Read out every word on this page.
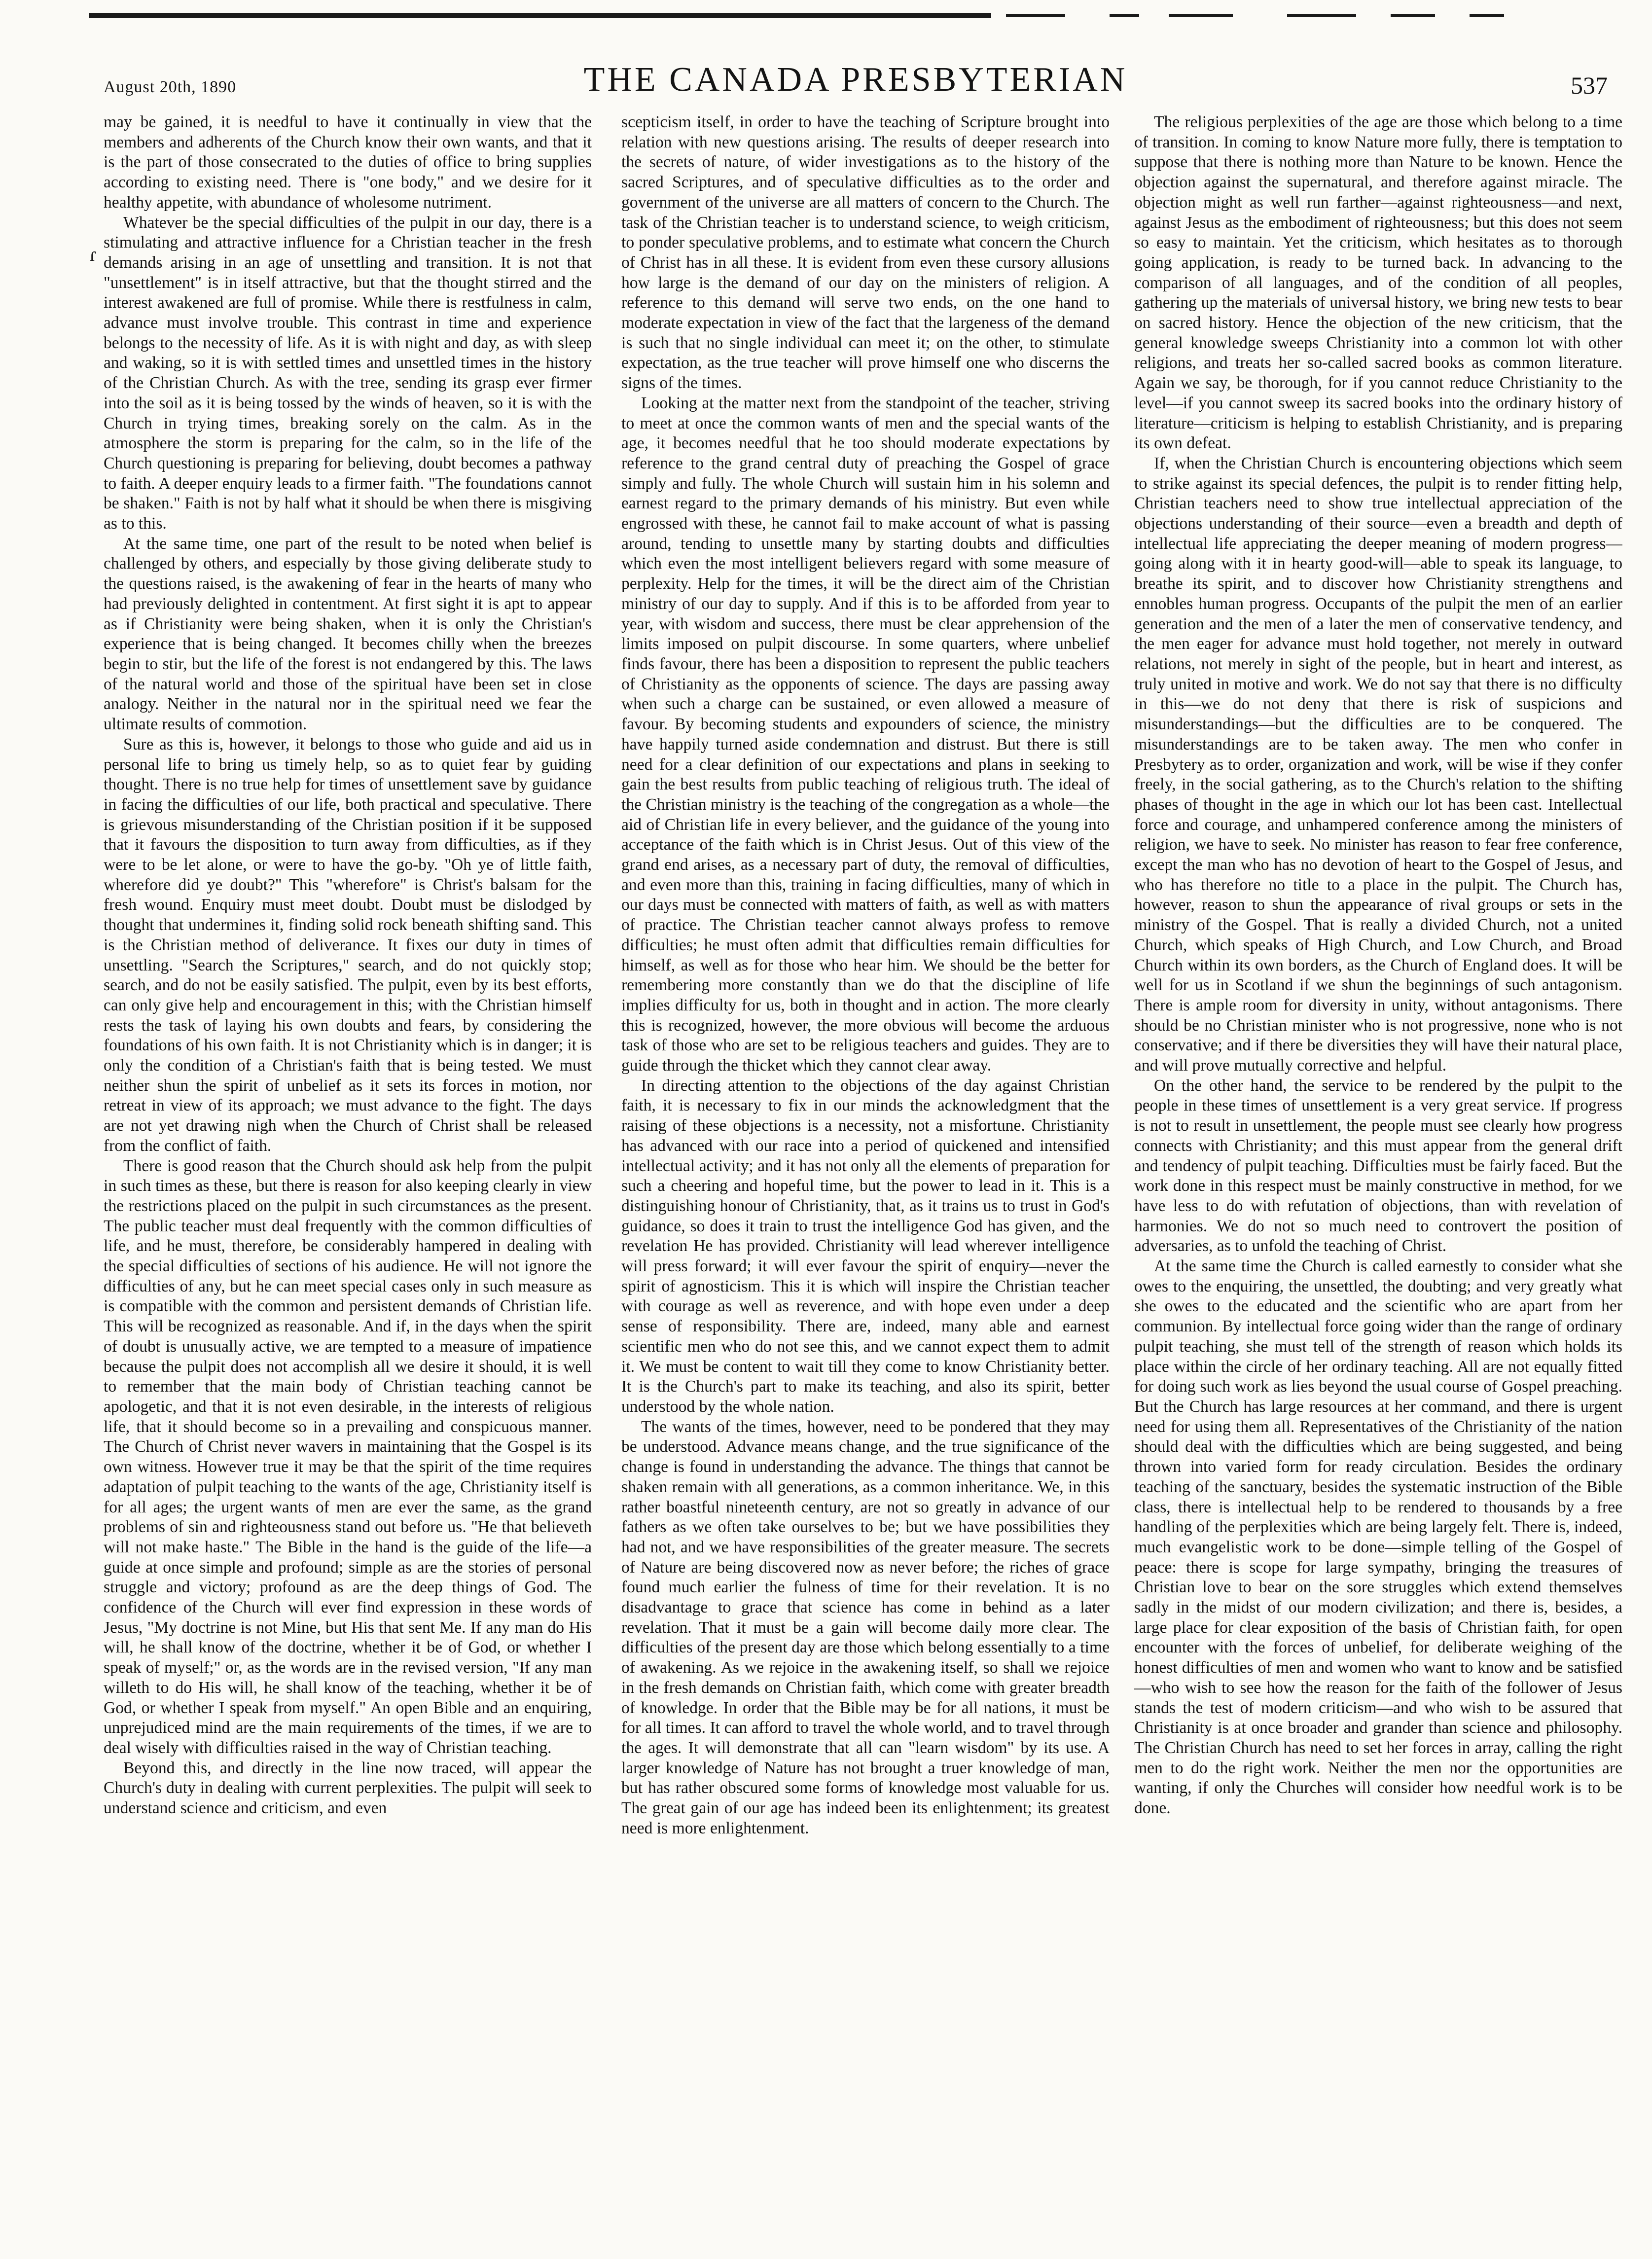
August 20th, 1890	THE CANADA PRESBYTERIAN	537
ɾ

may be gained, it is needful to have it continually in view that the members and adherents of the Church know their own wants, and that it is the part of those consecrated to the duties of office to bring supplies according to existing need. There is "one body," and we desire for it healthy appetite, with abundance of wholesome nutriment.

Whatever be the special difficulties of the pulpit in our day, there is a stimulating and attractive influence for a Christian teacher in the fresh demands arising in an age of unsettling and transition. It is not that "unsettlement" is in itself attractive, but that the thought stirred and the interest awakened are full of promise. While there is restfulness in calm, advance must involve trouble. This contrast in time and experience belongs to the necessity of life. As it is with night and day, as with sleep and waking, so it is with settled times and unsettled times in the history of the Christian Church. As with the tree, sending its grasp ever firmer into the soil as it is being tossed by the winds of heaven, so it is with the Church in trying times, breaking sorely on the calm. As in the atmosphere the storm is preparing for the calm, so in the life of the Church questioning is preparing for believing, doubt becomes a pathway to faith. A deeper enquiry leads to a firmer faith. "The foundations cannot be shaken." Faith is not by half what it should be when there is misgiving as to this.

At the same time, one part of the result to be noted when belief is challenged by others, and especially by those giving deliberate study to the questions raised, is the awakening of fear in the hearts of many who had previously delighted in contentment. At first sight it is apt to appear as if Christianity were being shaken, when it is only the Christian's experience that is being changed. It becomes chilly when the breezes begin to stir, but the life of the forest is not endangered by this. The laws of the natural world and those of the spiritual have been set in close analogy. Neither in the natural nor in the spiritual need we fear the ultimate results of commotion.

Sure as this is, however, it belongs to those who guide and aid us in personal life to bring us timely help, so as to quiet fear by guiding thought. There is no true help for times of unsettlement save by guidance in facing the difficulties of our life, both practical and speculative. There is grievous misunderstanding of the Christian position if it be supposed that it favours the disposition to turn away from difficulties, as if they were to be let alone, or were to have the go-by. "Oh ye of little faith, wherefore did ye doubt?" This "wherefore" is Christ's balsam for the fresh wound. Enquiry must meet doubt. Doubt must be dislodged by thought that undermines it, finding solid rock beneath shifting sand. This is the Christian method of deliverance. It fixes our duty in times of unsettling. "Search the Scriptures," search, and do not quickly stop; search, and do not be easily satisfied. The pulpit, even by its best efforts, can only give help and encouragement in this; with the Christian himself rests the task of laying his own doubts and fears, by considering the foundations of his own faith. It is not Christianity which is in danger; it is only the condition of a Christian's faith that is being tested. We must neither shun the spirit of unbelief as it sets its forces in motion, nor retreat in view of its approach; we must advance to the fight. The days are not yet drawing nigh when the Church of Christ shall be released from the conflict of faith.

There is good reason that the Church should ask help from the pulpit in such times as these, but there is reason for also keeping clearly in view the restrictions placed on the pulpit in such circumstances as the present. The public teacher must deal frequently with the common difficulties of life, and he must, therefore, be considerably hampered in dealing with the special difficulties of sections of his audience. He will not ignore the difficulties of any, but he can meet special cases only in such measure as is compatible with the common and persistent demands of Christian life. This will be recognized as reasonable. And if, in the days when the spirit of doubt is unusually active, we are tempted to a measure of impatience because the pulpit does not accomplish all we desire it should, it is well to remember that the main body of Christian teaching cannot be apologetic, and that it is not even desirable, in the interests of religious life, that it should become so in a prevailing and conspicuous manner. The Church of Christ never wavers in maintaining that the Gospel is its own witness. However true it may be that the spirit of the time requires adaptation of pulpit teaching to the wants of the age, Christianity itself is for all ages; the urgent wants of men are ever the same, as the grand problems of sin and righteousness stand out before us. "He that believeth will not make haste." The Bible in the hand is the guide of the life—a guide at once simple and profound; simple as are the stories of personal struggle and victory; profound as are the deep things of God. The confidence of the Church will ever find expression in these words of Jesus, "My doctrine is not Mine, but His that sent Me. If any man do His will, he shall know of the doctrine, whether it be of God, or whether I speak of myself;" or, as the words are in the revised version, "If any man willeth to do His will, he shall know of the teaching, whether it be of God, or whether I speak from myself." An open Bible and an enquiring, unprejudiced mind are the main requirements of the times, if we are to deal wisely with difficulties raised in the way of Christian teaching.

Beyond this, and directly in the line now traced, will appear the Church's duty in dealing with current perplexities. The pulpit will seek to understand science and criticism, and even

scepticism itself, in order to have the teaching of Scripture brought into relation with new questions arising. The results of deeper research into the secrets of nature, of wider investigations as to the history of the sacred Scriptures, and of speculative difficulties as to the order and government of the universe are all matters of concern to the Church. The task of the Christian teacher is to understand science, to weigh criticism, to ponder speculative problems, and to estimate what concern the Church of Christ has in all these. It is evident from even these cursory allusions how large is the demand of our day on the ministers of religion. A reference to this demand will serve two ends, on the one hand to moderate expectation in view of the fact that the largeness of the demand is such that no single individual can meet it; on the other, to stimulate expectation, as the true teacher will prove himself one who discerns the signs of the times.

Looking at the matter next from the standpoint of the teacher, striving to meet at once the common wants of men and the special wants of the age, it becomes needful that he too should moderate expectations by reference to the grand central duty of preaching the Gospel of grace simply and fully. The whole Church will sustain him in his solemn and earnest regard to the primary demands of his ministry. But even while engrossed with these, he cannot fail to make account of what is passing around, tending to unsettle many by starting doubts and difficulties which even the most intelligent believers regard with some measure of perplexity. Help for the times, it will be the direct aim of the Christian ministry of our day to supply. And if this is to be afforded from year to year, with wisdom and success, there must be clear apprehension of the limits imposed on pulpit discourse. In some quarters, where unbelief finds favour, there has been a disposition to represent the public teachers of Christianity as the opponents of science. The days are passing away when such a charge can be sustained, or even allowed a measure of favour. By becoming students and expounders of science, the ministry have happily turned aside condemnation and distrust. But there is still need for a clear definition of our expectations and plans in seeking to gain the best results from public teaching of religious truth. The ideal of the Christian ministry is the teaching of the congregation as a whole—the aid of Christian life in every believer, and the guidance of the young into acceptance of the faith which is in Christ Jesus. Out of this view of the grand end arises, as a necessary part of duty, the removal of difficulties, and even more than this, training in facing difficulties, many of which in our days must be connected with matters of faith, as well as with matters of practice. The Christian teacher cannot always profess to remove difficulties; he must often admit that difficulties remain difficulties for himself, as well as for those who hear him. We should be the better for remembering more constantly than we do that the discipline of life implies difficulty for us, both in thought and in action. The more clearly this is recognized, however, the more obvious will become the arduous task of those who are set to be religious teachers and guides. They are to guide through the thicket which they cannot clear away.

In directing attention to the objections of the day against Christian faith, it is necessary to fix in our minds the acknowledgment that the raising of these objections is a necessity, not a misfortune. Christianity has advanced with our race into a period of quickened and intensified intellectual activity; and it has not only all the elements of preparation for such a cheering and hopeful time, but the power to lead in it. This is a distinguishing honour of Christianity, that, as it trains us to trust in God's guidance, so does it train to trust the intelligence God has given, and the revelation He has provided. Christianity will lead wherever intelligence will press forward; it will ever favour the spirit of enquiry—never the spirit of agnosticism. This it is which will inspire the Christian teacher with courage as well as reverence, and with hope even under a deep sense of responsibility. There are, indeed, many able and earnest scientific men who do not see this, and we cannot expect them to admit it. We must be content to wait till they come to know Christianity better. It is the Church's part to make its teaching, and also its spirit, better understood by the whole nation.

The wants of the times, however, need to be pondered that they may be understood. Advance means change, and the true significance of the change is found in understanding the advance. The things that cannot be shaken remain with all generations, as a common inheritance. We, in this rather boastful nineteenth century, are not so greatly in advance of our fathers as we often take ourselves to be; but we have possibilities they had not, and we have responsibilities of the greater measure. The secrets of Nature are being discovered now as never before; the riches of grace found much earlier the fulness of time for their revelation. It is no disadvantage to grace that science has come in behind as a later revelation. That it must be a gain will become daily more clear. The difficulties of the present day are those which belong essentially to a time of awakening. As we rejoice in the awakening itself, so shall we rejoice in the fresh demands on Christian faith, which come with greater breadth of knowledge. In order that the Bible may be for all nations, it must be for all times. It can afford to travel the whole world, and to travel through the ages. It will demonstrate that all can "learn wisdom" by its use. A larger knowledge of Nature has not brought a truer knowledge of man, but has rather obscured some forms of knowledge most valuable for us. The great gain of our age has indeed been its enlightenment; its greatest need is more enlightenment.

The religious perplexities of the age are those which belong to a time of transition. In coming to know Nature more fully, there is temptation to suppose that there is nothing more than Nature to be known. Hence the objection against the supernatural, and therefore against miracle. The objection might as well run farther—against righteousness—and next, against Jesus as the embodiment of righteousness; but this does not seem so easy to maintain. Yet the criticism, which hesitates as to thorough going application, is ready to be turned back. In advancing to the comparison of all languages, and of the condition of all peoples, gathering up the materials of universal history, we bring new tests to bear on sacred history. Hence the objection of the new criticism, that the general knowledge sweeps Christianity into a common lot with other religions, and treats her so-called sacred books as common literature. Again we say, be thorough, for if you cannot reduce Christianity to the level—if you cannot sweep its sacred books into the ordinary history of literature—criticism is helping to establish Christianity, and is preparing its own defeat.

If, when the Christian Church is encountering objections which seem to strike against its special defences, the pulpit is to render fitting help, Christian teachers need to show true intellectual appreciation of the objections understanding of their source—even a breadth and depth of intellectual life appreciating the deeper meaning of modern progress—going along with it in hearty good-will—able to speak its language, to breathe its spirit, and to discover how Christianity strengthens and ennobles human progress. Occupants of the pulpit the men of an earlier generation and the men of a later the men of conservative tendency, and the men eager for advance must hold together, not merely in outward relations, not merely in sight of the people, but in heart and interest, as truly united in motive and work. We do not say that there is no difficulty in this—we do not deny that there is risk of suspicions and misunderstandings—but the difficulties are to be conquered. The misunderstandings are to be taken away. The men who confer in Presbytery as to order, organization and work, will be wise if they confer freely, in the social gathering, as to the Church's relation to the shifting phases of thought in the age in which our lot has been cast. Intellectual force and courage, and unhampered conference among the ministers of religion, we have to seek. No minister has reason to fear free conference, except the man who has no devotion of heart to the Gospel of Jesus, and who has therefore no title to a place in the pulpit. The Church has, however, reason to shun the appearance of rival groups or sets in the ministry of the Gospel. That is really a divided Church, not a united Church, which speaks of High Church, and Low Church, and Broad Church within its own borders, as the Church of England does. It will be well for us in Scotland if we shun the beginnings of such antagonism. There is ample room for diversity in unity, without antagonisms. There should be no Christian minister who is not progressive, none who is not conservative; and if there be diversities they will have their natural place, and will prove mutually corrective and helpful.

On the other hand, the service to be rendered by the pulpit to the people in these times of unsettlement is a very great service. If progress is not to result in unsettlement, the people must see clearly how progress connects with Christianity; and this must appear from the general drift and tendency of pulpit teaching. Difficulties must be fairly faced. But the work done in this respect must be mainly constructive in method, for we have less to do with refutation of objections, than with revelation of harmonies. We do not so much need to controvert the position of adversaries, as to unfold the teaching of Christ.

At the same time the Church is called earnestly to consider what she owes to the enquiring, the unsettled, the doubting; and very greatly what she owes to the educated and the scientific who are apart from her communion. By intellectual force going wider than the range of ordinary pulpit teaching, she must tell of the strength of reason which holds its place within the circle of her ordinary teaching. All are not equally fitted for doing such work as lies beyond the usual course of Gospel preaching. But the Church has large resources at her command, and there is urgent need for using them all. Representatives of the Christianity of the nation should deal with the difficulties which are being suggested, and being thrown into varied form for ready circulation. Besides the ordinary teaching of the sanctuary, besides the systematic instruction of the Bible class, there is intellectual help to be rendered to thousands by a free handling of the perplexities which are being largely felt. There is, indeed, much evangelistic work to be done—simple telling of the Gospel of peace: there is scope for large sympathy, bringing the treasures of Christian love to bear on the sore struggles which extend themselves sadly in the midst of our modern civilization; and there is, besides, a large place for clear exposition of the basis of Christian faith, for open encounter with the forces of unbelief, for deliberate weighing of the honest difficulties of men and women who want to know and be satisfied—who wish to see how the reason for the faith of the follower of Jesus stands the test of modern criticism—and who wish to be assured that Christianity is at once broader and grander than science and philosophy. The Christian Church has need to set her forces in array, calling the right men to do the right work. Neither the men nor the opportunities are wanting, if only the Churches will consider how needful work is to be done.
